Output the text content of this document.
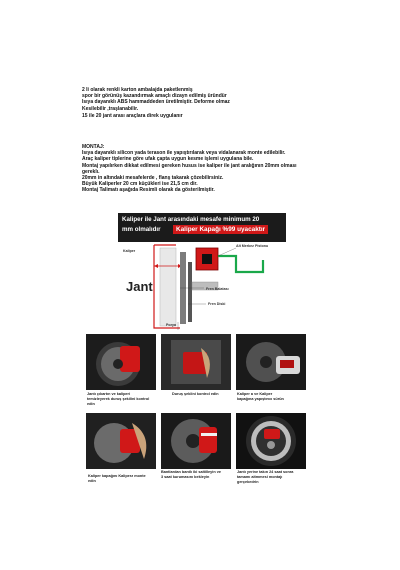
2 li olarak renkli karton ambalajda paketlenmiş
spor bir görünüş kazandırmak amaçlı dizayn edilmiş üründür
Isıya dayanıklı ABS hammaddeden üretilmiştir. Deforme olmaz
Kesilebilir ,traşlanabilir.
15 ile 20 jant arası araçlara direk uygulanır
MONTAJ:
Isıya dayanıklı silicon yada terason ile yapıştırılarak veya vidalanarak monte edilebilir.
Araç kaliper tiplerine göre ufak çapta uygun kesme işlemi uygulana bile.
Montaj yapılırken dikkat edilmesi gereken husus ise kaliper ile jant aralığının 20mm olması
gereklı.
20mm in altındaki mesafelerde , flanş takarak çözebilirsiniz.
Büyük Kaliperler 20 cm küçükleri ise 21,5 cm dir.
Montaj Talimatı aşağıda Resimli olarak da gösterilmiştir.
Kaliper ile Jant arasındaki mesafe minimum 20
mm olmalıdır	Kaliper Kapağı %99 uyacaktır
Jant
Kaliper
Alt Merkez Pistonu
Fren Balatası
Fren Diski
Porya
Jantı çıkartın ve kaliperi
temizleyerek duruş şekilini kontrol
edin
Duruş şeklini kontrol edin	Kaliper a ve Kaliper
kapağına yapıştırıcı sürün
Kaliper kapağını Kaliperz monte
edin
Bantlardan bantlı iki saltilleyin ve
3 saat kurumasını bekleyin
Jantı yerine takın 24 saat sonra
tamamı aitmmesi montajı
gerçekedrin
